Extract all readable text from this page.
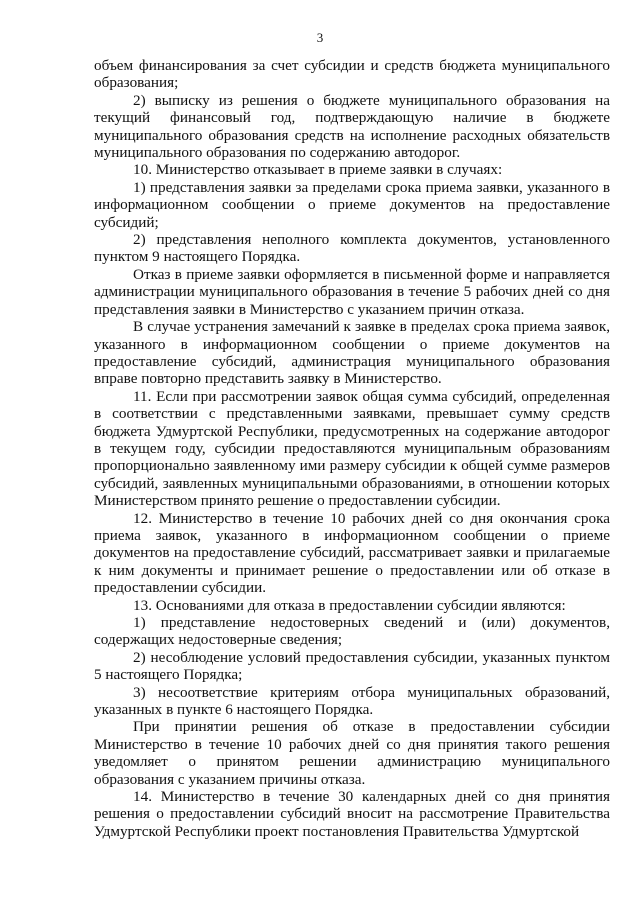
3

объем финансирования за счет субсидии и средств бюджета муниципального образования;

2) выписку из решения о бюджете муниципального образования на текущий финансовый год, подтверждающую наличие в бюджете муниципального образования средств на исполнение расходных обязательств муниципального образования по содержанию автодорог.

10. Министерство отказывает в приеме заявки в случаях:

1) представления заявки за пределами срока приема заявки, указанного в информационном сообщении о приеме документов на предоставление субсидий;

2) представления неполного комплекта документов, установленного пунктом 9 настоящего Порядка.

Отказ в приеме заявки оформляется в письменной форме и направляется администрации муниципального образования в течение 5 рабочих дней со дня представления заявки в Министерство с указанием причин отказа.

В случае устранения замечаний к заявке в пределах срока приема заявок, указанного в информационном сообщении о приеме документов на предоставление субсидий, администрация муниципального образования вправе повторно представить заявку в Министерство.

11. Если при рассмотрении заявок общая сумма субсидий, определенная в соответствии с представленными заявками, превышает сумму средств бюджета Удмуртской Республики, предусмотренных на содержание автодорог в текущем году, субсидии предоставляются муниципальным образованиям пропорционально заявленному ими размеру субсидии к общей сумме размеров субсидий, заявленных муниципальными образованиями, в отношении которых Министерством принято решение о предоставлении субсидии.

12. Министерство в течение 10 рабочих дней со дня окончания срока приема заявок, указанного в информационном сообщении о приеме документов на предоставление субсидий, рассматривает заявки и прилагаемые к ним документы и принимает решение о предоставлении или об отказе в предоставлении субсидии.

13. Основаниями для отказа в предоставлении субсидии являются:

1) представление недостоверных сведений и (или) документов, содержащих недостоверные сведения;

2) несоблюдение условий предоставления субсидии, указанных пунктом 5 настоящего Порядка;

3) несоответствие критериям отбора муниципальных образований, указанных в пункте 6 настоящего Порядка.

При принятии решения об отказе в предоставлении субсидии Министерство в течение 10 рабочих дней со дня принятия такого решения уведомляет о принятом решении администрацию муниципального образования с указанием причины отказа.

14. Министерство в течение 30 календарных дней со дня принятия решения о предоставлении субсидий вносит на рассмотрение Правительства Удмуртской Республики проект постановления Правительства Удмуртской
